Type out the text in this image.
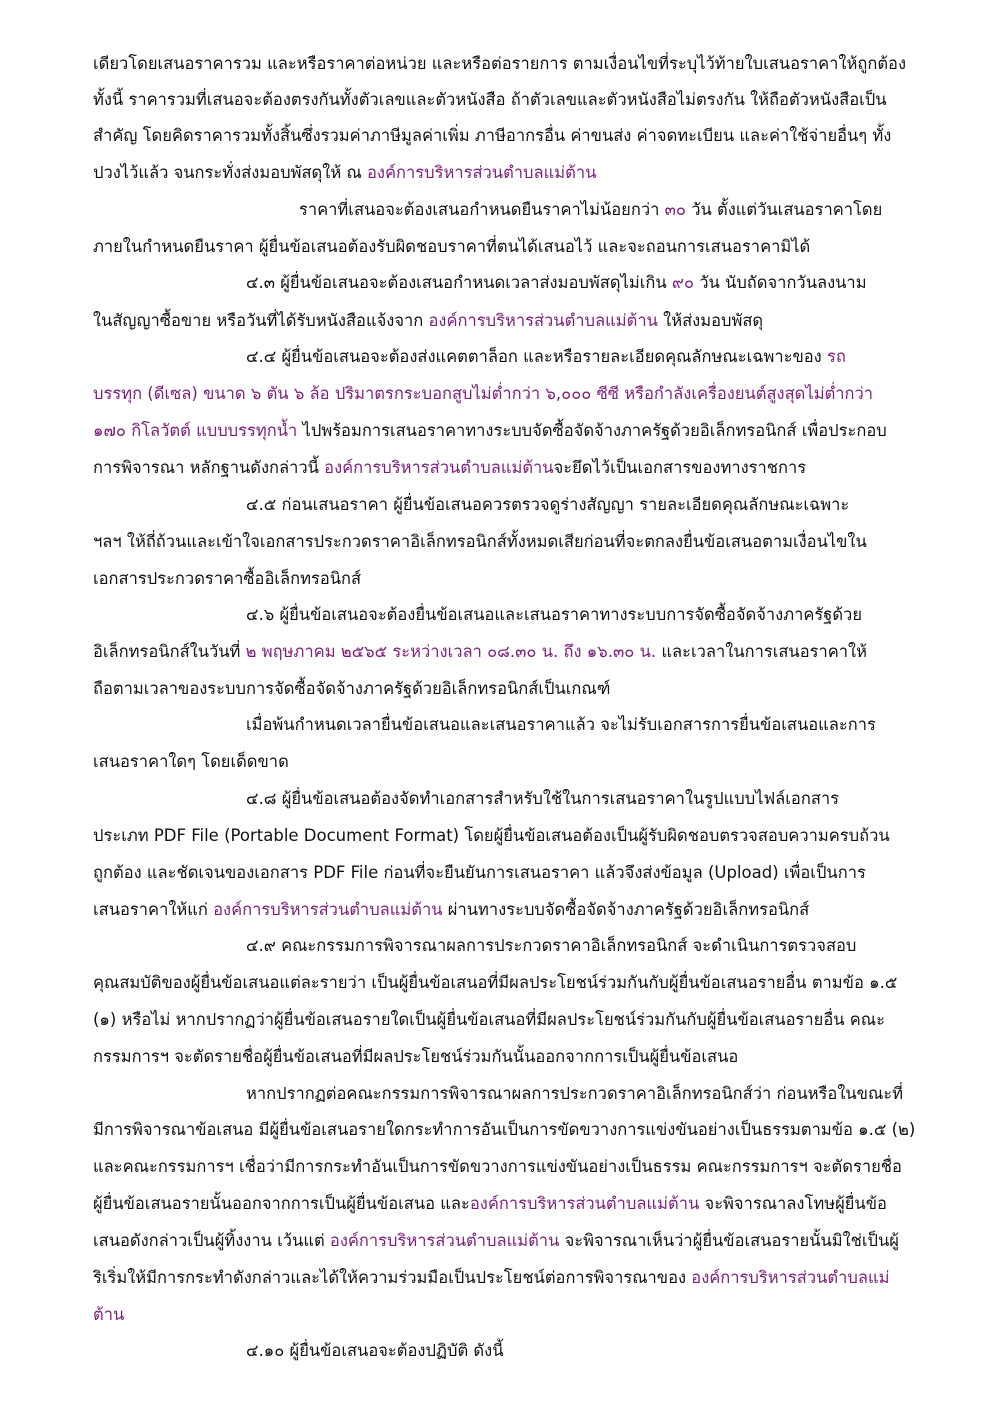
เดียวโดยเสนอราคารวม และหรือราคาต่อหน่วย และหรือต่อรายการ ตามเงื่อนไขที่ระบุไว้ท้ายใบเสนอราคาให้ถูกต้อง
ทั้งนี้ ราคารวมที่เสนอจะต้องตรงกันทั้งตัวเลขและตัวหนังสือ ถ้าตัวเลขและตัวหนังสือไม่ตรงกัน ให้ถือตัวหนังสือเป็น
สำคัญ โดยคิดราคารวมทั้งสิ้นซึ่งรวมค่าภาษีมูลค่าเพิ่ม ภาษีอากรอื่น ค่าขนส่ง ค่าจดทะเบียน และค่าใช้จ่ายอื่นๆ ทั้ง
ปวงไว้แล้ว จนกระทั่งส่งมอบพัสดุให้ ณ องค์การบริหารส่วนตำบลแม่ต้าน
ราคาที่เสนอจะต้องเสนอกำหนดยืนราคาไม่น้อยกว่า ๓๐ วัน ตั้งแต่วันเสนอราคาโดย
ภายในกำหนดยืนราคา ผู้ยื่นข้อเสนอต้องรับผิดชอบราคาที่ตนได้เสนอไว้ และจะถอนการเสนอราคามิได้
๔.๓ ผู้ยื่นข้อเสนอจะต้องเสนอกำหนดเวลาส่งมอบพัสดุไม่เกิน ๙๐ วัน นับถัดจากวันลงนาม
ในสัญญาซื้อขาย หรือวันที่ได้รับหนังสือแจ้งจาก องค์การบริหารส่วนตำบลแม่ต้าน ให้ส่งมอบพัสดุ
๔.๔ ผู้ยื่นข้อเสนอจะต้องส่งแคตตาล็อก และหรือรายละเอียดคุณลักษณะเฉพาะของ รถ
บรรทุก (ดีเซล) ขนาด ๖ ตัน ๖ ล้อ ปริมาตรกระบอกสูบไม่ต่ำกว่า ๖,๐๐๐ ซีซี หรือกำลังเครื่องยนต์สูงสุดไม่ต่ำกว่า
๑๗๐ กิโลวัตต์ แบบบรรทุกน้ำ ไปพร้อมการเสนอราคาทางระบบจัดซื้อจัดจ้างภาครัฐด้วยอิเล็กทรอนิกส์ เพื่อประกอบ
การพิจารณา หลักฐานดังกล่าวนี้ องค์การบริหารส่วนตำบลแม่ต้านจะยึดไว้เป็นเอกสารของทางราชการ
๔.๕ ก่อนเสนอราคา ผู้ยื่นข้อเสนอควรตรวจดูร่างสัญญา รายละเอียดคุณลักษณะเฉพาะ
ฯลฯ ให้ถี่ถ้วนและเข้าใจเอกสารประกวดราคาอิเล็กทรอนิกส์ทั้งหมดเสียก่อนที่จะตกลงยื่นข้อเสนอตามเงื่อนไขใน
เอกสารประกวดราคาซื้ออิเล็กทรอนิกส์
๔.๖ ผู้ยื่นข้อเสนอจะต้องยื่นข้อเสนอและเสนอราคาทางระบบการจัดซื้อจัดจ้างภาครัฐด้วย
อิเล็กทรอนิกส์ในวันที่ ๒ พฤษภาคม ๒๕๖๕ ระหว่างเวลา ๐๘.๓๐ น. ถึง ๑๖.๓๐ น. และเวลาในการเสนอราคาให้
ถือตามเวลาของระบบการจัดซื้อจัดจ้างภาครัฐด้วยอิเล็กทรอนิกส์เป็นเกณฑ์
เมื่อพ้นกำหนดเวลายื่นข้อเสนอและเสนอราคาแล้ว จะไม่รับเอกสารการยื่นข้อเสนอและการ
เสนอราคาใดๆ โดยเด็ดขาด
๔.๘ ผู้ยื่นข้อเสนอต้องจัดทำเอกสารสำหรับใช้ในการเสนอราคาในรูปแบบไฟล์เอกสาร
ประเภท PDF File (Portable Document Format) โดยผู้ยื่นข้อเสนอต้องเป็นผู้รับผิดชอบตรวจสอบความครบถ้วน
ถูกต้อง และชัดเจนของเอกสาร PDF File ก่อนที่จะยืนยันการเสนอราคา แล้วจึงส่งข้อมูล (Upload) เพื่อเป็นการ
เสนอราคาให้แก่ องค์การบริหารส่วนตำบลแม่ต้าน ผ่านทางระบบจัดซื้อจัดจ้างภาครัฐด้วยอิเล็กทรอนิกส์
๔.๙ คณะกรรมการพิจารณาผลการประกวดราคาอิเล็กทรอนิกส์ จะดำเนินการตรวจสอบ
คุณสมบัติของผู้ยื่นข้อเสนอแต่ละรายว่า เป็นผู้ยื่นข้อเสนอที่มีผลประโยชน์ร่วมกันกับผู้ยื่นข้อเสนอรายอื่น ตามข้อ ๑.๕
(๑) หรือไม่ หากปรากฏว่าผู้ยื่นข้อเสนอรายใดเป็นผู้ยื่นข้อเสนอที่มีผลประโยชน์ร่วมกันกับผู้ยื่นข้อเสนอรายอื่น คณะ
กรรมการฯ จะตัดรายชื่อผู้ยื่นข้อเสนอที่มีผลประโยชน์ร่วมกันนั้นออกจากการเป็นผู้ยื่นข้อเสนอ
หากปรากฏต่อคณะกรรมการพิจารณาผลการประกวดราคาอิเล็กทรอนิกส์ว่า ก่อนหรือในขณะที่
มีการพิจารณาข้อเสนอ มีผู้ยื่นข้อเสนอรายใดกระทำการอันเป็นการขัดขวางการแข่งขันอย่างเป็นธรรมตามข้อ ๑.๕ (๒)
และคณะกรรมการฯ เชื่อว่ามีการกระทำอันเป็นการขัดขวางการแข่งขันอย่างเป็นธรรม คณะกรรมการฯ จะตัดรายชื่อ
ผู้ยื่นข้อเสนอรายนั้นออกจากการเป็นผู้ยื่นข้อเสนอ และองค์การบริหารส่วนตำบลแม่ต้าน จะพิจารณาลงโทษผู้ยื่นข้อ
เสนอดังกล่าวเป็นผู้ทิ้งงาน เว้นแต่ องค์การบริหารส่วนตำบลแม่ต้าน จะพิจารณาเห็นว่าผู้ยื่นข้อเสนอรายนั้นมิใช่เป็นผู้
ริเริ่มให้มีการกระทำดังกล่าวและได้ให้ความร่วมมือเป็นประโยชน์ต่อการพิจารณาของ องค์การบริหารส่วนตำบลแม่
ต้าน
๔.๑๐ ผู้ยื่นข้อเสนอจะต้องปฏิบัติ ดังนี้
